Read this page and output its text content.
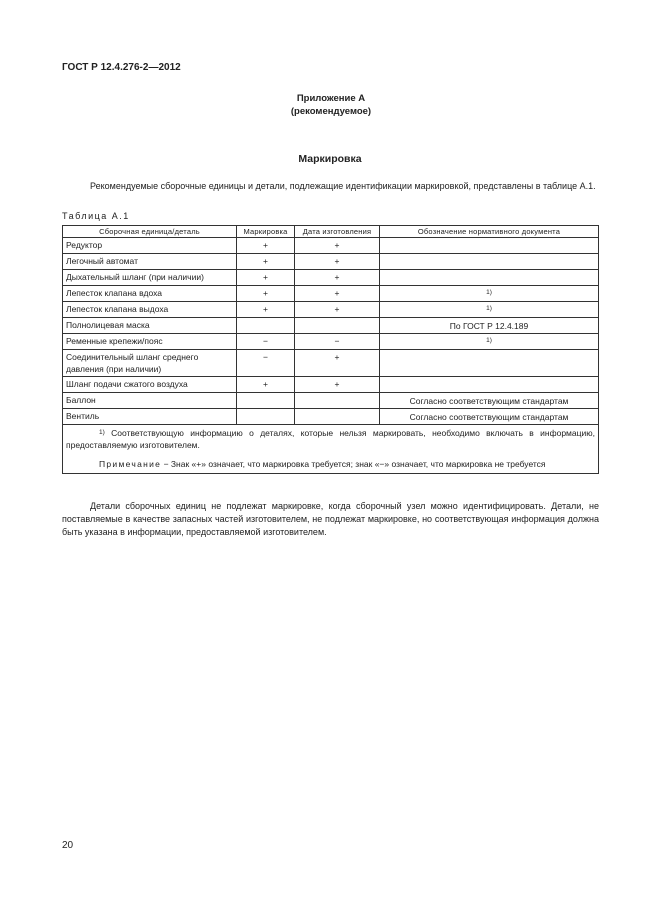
ГОСТ Р 12.4.276-2—2012
Приложение А
(рекомендуемое)
Маркировка
Рекомендуемые сборочные единицы и детали, подлежащие идентификации маркировкой, представлены в таблице А.1.
Таблица А.1
Сборочная единица/деталь	Маркировка	Дата изготовления	Обозначение нормативного документа
Редуктор	+	+	
Легочный автомат	+	+	
Дыхательный шланг (при наличии)	+	+	
Лепесток клапана вдоха	+	+	$^{1)}$
Лепесток клапана выдоха	+	+	$^{1)}$
Полнолицевая маска			По ГОСТ Р 12.4.189
Ременные крепежи/пояс	−	−	$^{1)}$
Соединительный шланг среднего давления (при наличии)	−	+	
Шланг подачи сжатого воздуха	+	+	
Баллон			Согласно соответствующим стандартам
Вентиль			Согласно соответствующим стандартам

$^{1)}$ Соответствующую информацию о деталях, которые нельзя маркировать, необходимо включать в информацию, предоставляемую изготовителем.

Примечание − Знак «+» означает, что маркировка требуется; знак «−» означает, что маркировка не требуется			

Детали сборочных единиц не подлежат маркировке, когда сборочный узел можно идентифицировать. Детали, не поставляемые в качестве запасных частей изготовителем, не подлежат маркировке, но соответствующая информация должна быть указана в информации, предоставляемой изготовителем.
20
